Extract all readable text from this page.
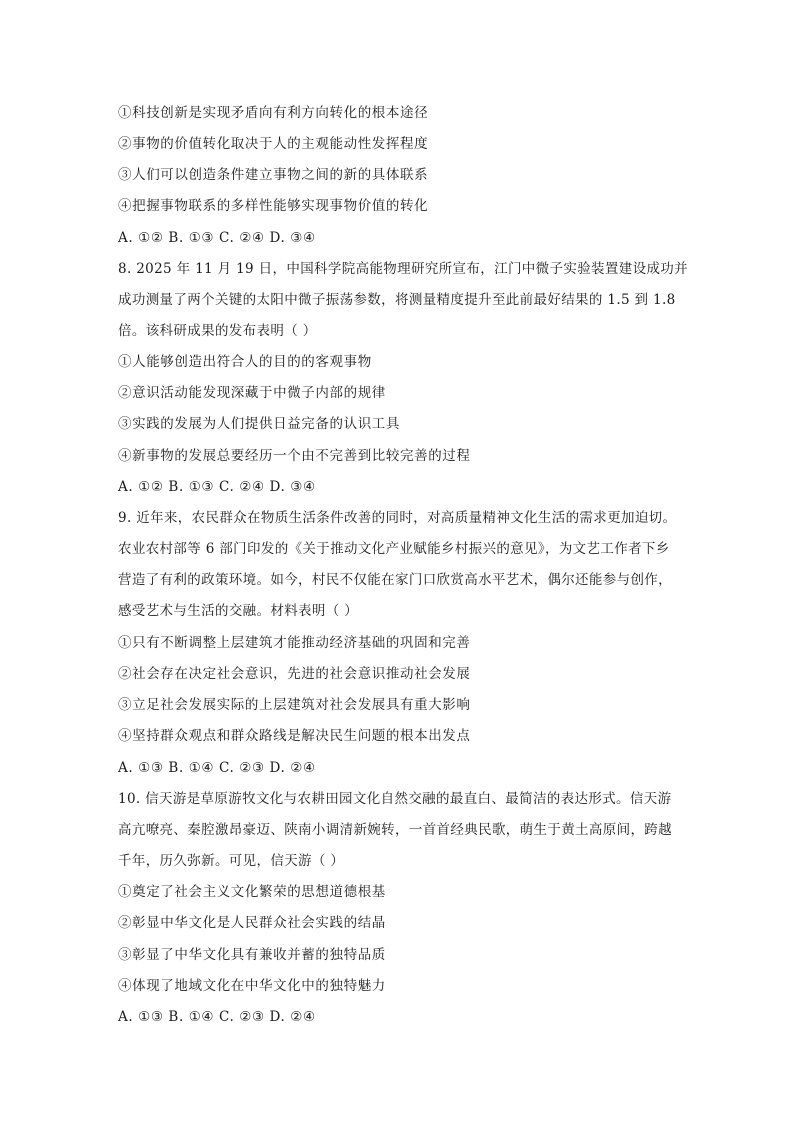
①科技创新是实现矛盾向有利方向转化的根本途径
②事物的价值转化取决于人的主观能动性发挥程度
③人们可以创造条件建立事物之间的新的具体联系
④把握事物联系的多样性能够实现事物价值的转化
A. ①② B. ①③ C. ②④ D. ③④
8. 2025 年 11 月 19 日，中国科学院高能物理研究所宣布，江门中微子实验装置建设成功并
成功测量了两个关键的太阳中微子振荡参数，将测量精度提升至此前最好结果的 1.5 到 1.8
倍。该科研成果的发布表明（ ）
①人能够创造出符合人的目的的客观事物
②意识活动能发现深藏于中微子内部的规律
③实践的发展为人们提供日益完备的认识工具
④新事物的发展总要经历一个由不完善到比较完善的过程
A. ①② B. ①③ C. ②④ D. ③④
9. 近年来，农民群众在物质生活条件改善的同时，对高质量精神文化生活的需求更加迫切。
农业农村部等 6 部门印发的《关于推动文化产业赋能乡村振兴的意见》，为文艺工作者下乡
营造了有利的政策环境。如今，村民不仅能在家门口欣赏高水平艺术，偶尔还能参与创作，
感受艺术与生活的交融。材料表明（ ）
①只有不断调整上层建筑才能推动经济基础的巩固和完善
②社会存在决定社会意识，先进的社会意识推动社会发展
③立足社会发展实际的上层建筑对社会发展具有重大影响
④坚持群众观点和群众路线是解决民生问题的根本出发点
A. ①③ B. ①④ C. ②③ D. ②④
10. 信天游是草原游牧文化与农耕田园文化自然交融的最直白、最简洁的表达形式。信天游
高亢嘹亮、秦腔激昂豪迈、陕南小调清新婉转，一首首经典民歌，萌生于黄土高原间，跨越
千年，历久弥新。可见，信天游（ ）
①奠定了社会主义文化繁荣的思想道德根基
②彰显中华文化是人民群众社会实践的结晶
③彰显了中华文化具有兼收并蓄的独特品质
④体现了地域文化在中华文化中的独特魅力
A. ①③ B. ①④ C. ②③ D. ②④
